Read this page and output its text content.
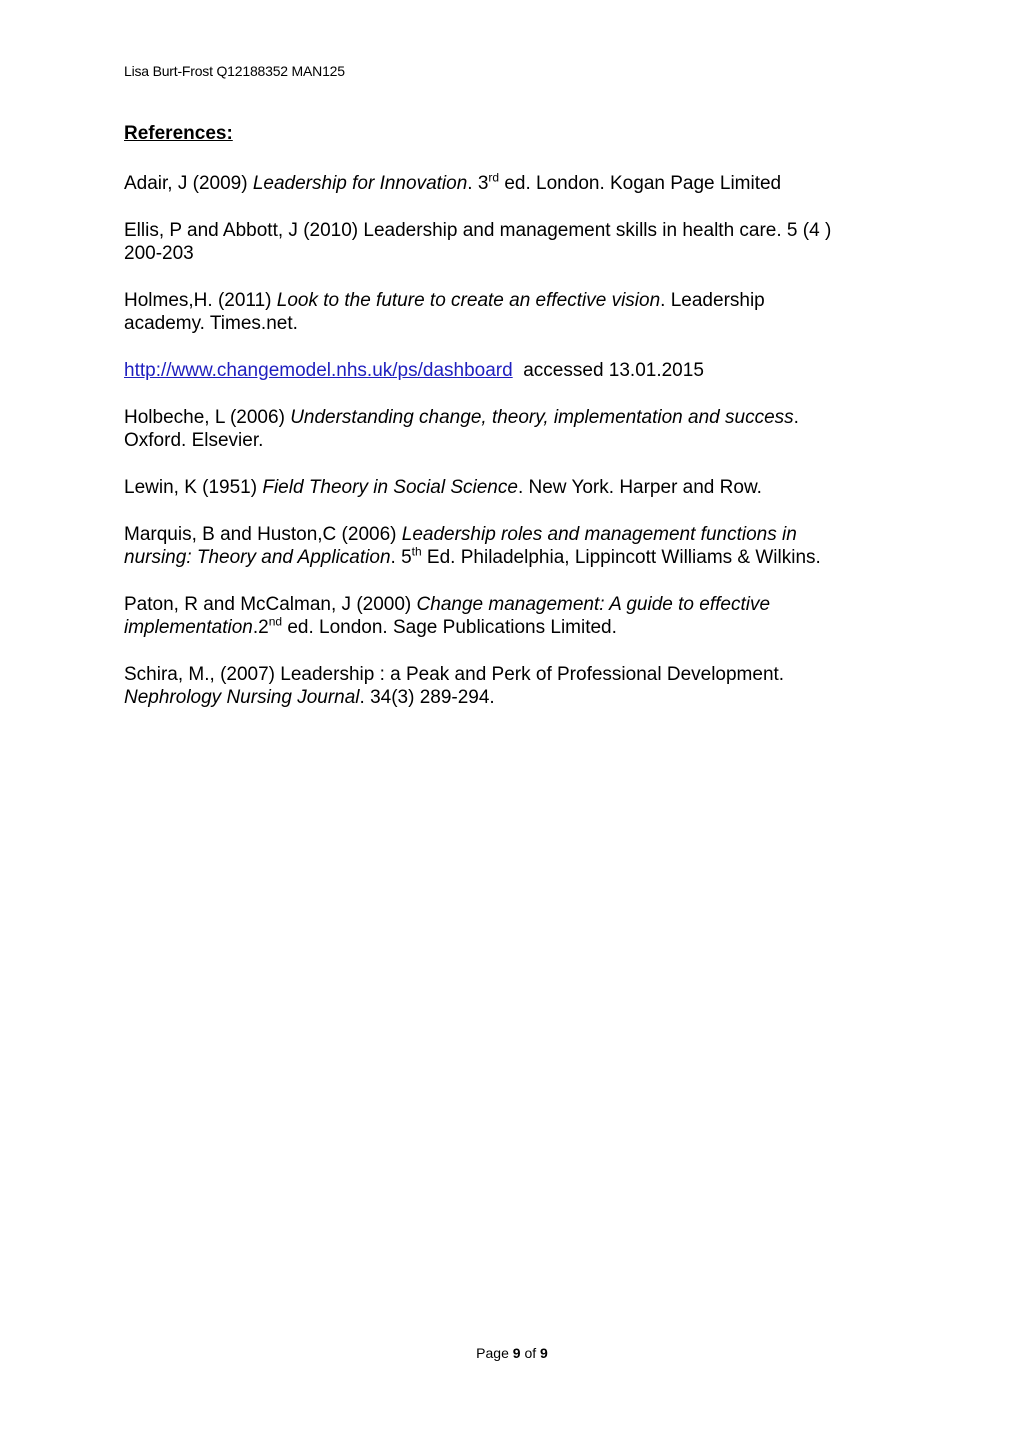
Lisa Burt-Frost Q12188352 MAN125
References:
Adair, J (2009) Leadership for Innovation. 3rd ed. London. Kogan Page Limited
Ellis, P and Abbott, J (2010) Leadership and management skills in health care. 5 (4 )
200-203
Holmes,H. (2011) Look to the future to create an effective vision. Leadership
academy. Times.net.
http://www.changemodel.nhs.uk/ps/dashboard  accessed 13.01.2015
Holbeche, L (2006) Understanding change, theory, implementation and success.
Oxford. Elsevier.
Lewin, K (1951) Field Theory in Social Science. New York. Harper and Row.
Marquis, B and Huston,C (2006) Leadership roles and management functions in
nursing: Theory and Application. 5th Ed. Philadelphia, Lippincott Williams & Wilkins.
Paton, R and McCalman, J (2000) Change management: A guide to effective
implementation.2nd ed. London. Sage Publications Limited.
Schira, M., (2007) Leadership : a Peak and Perk of Professional Development.
Nephrology Nursing Journal. 34(3) 289-294.
Page 9 of 9
